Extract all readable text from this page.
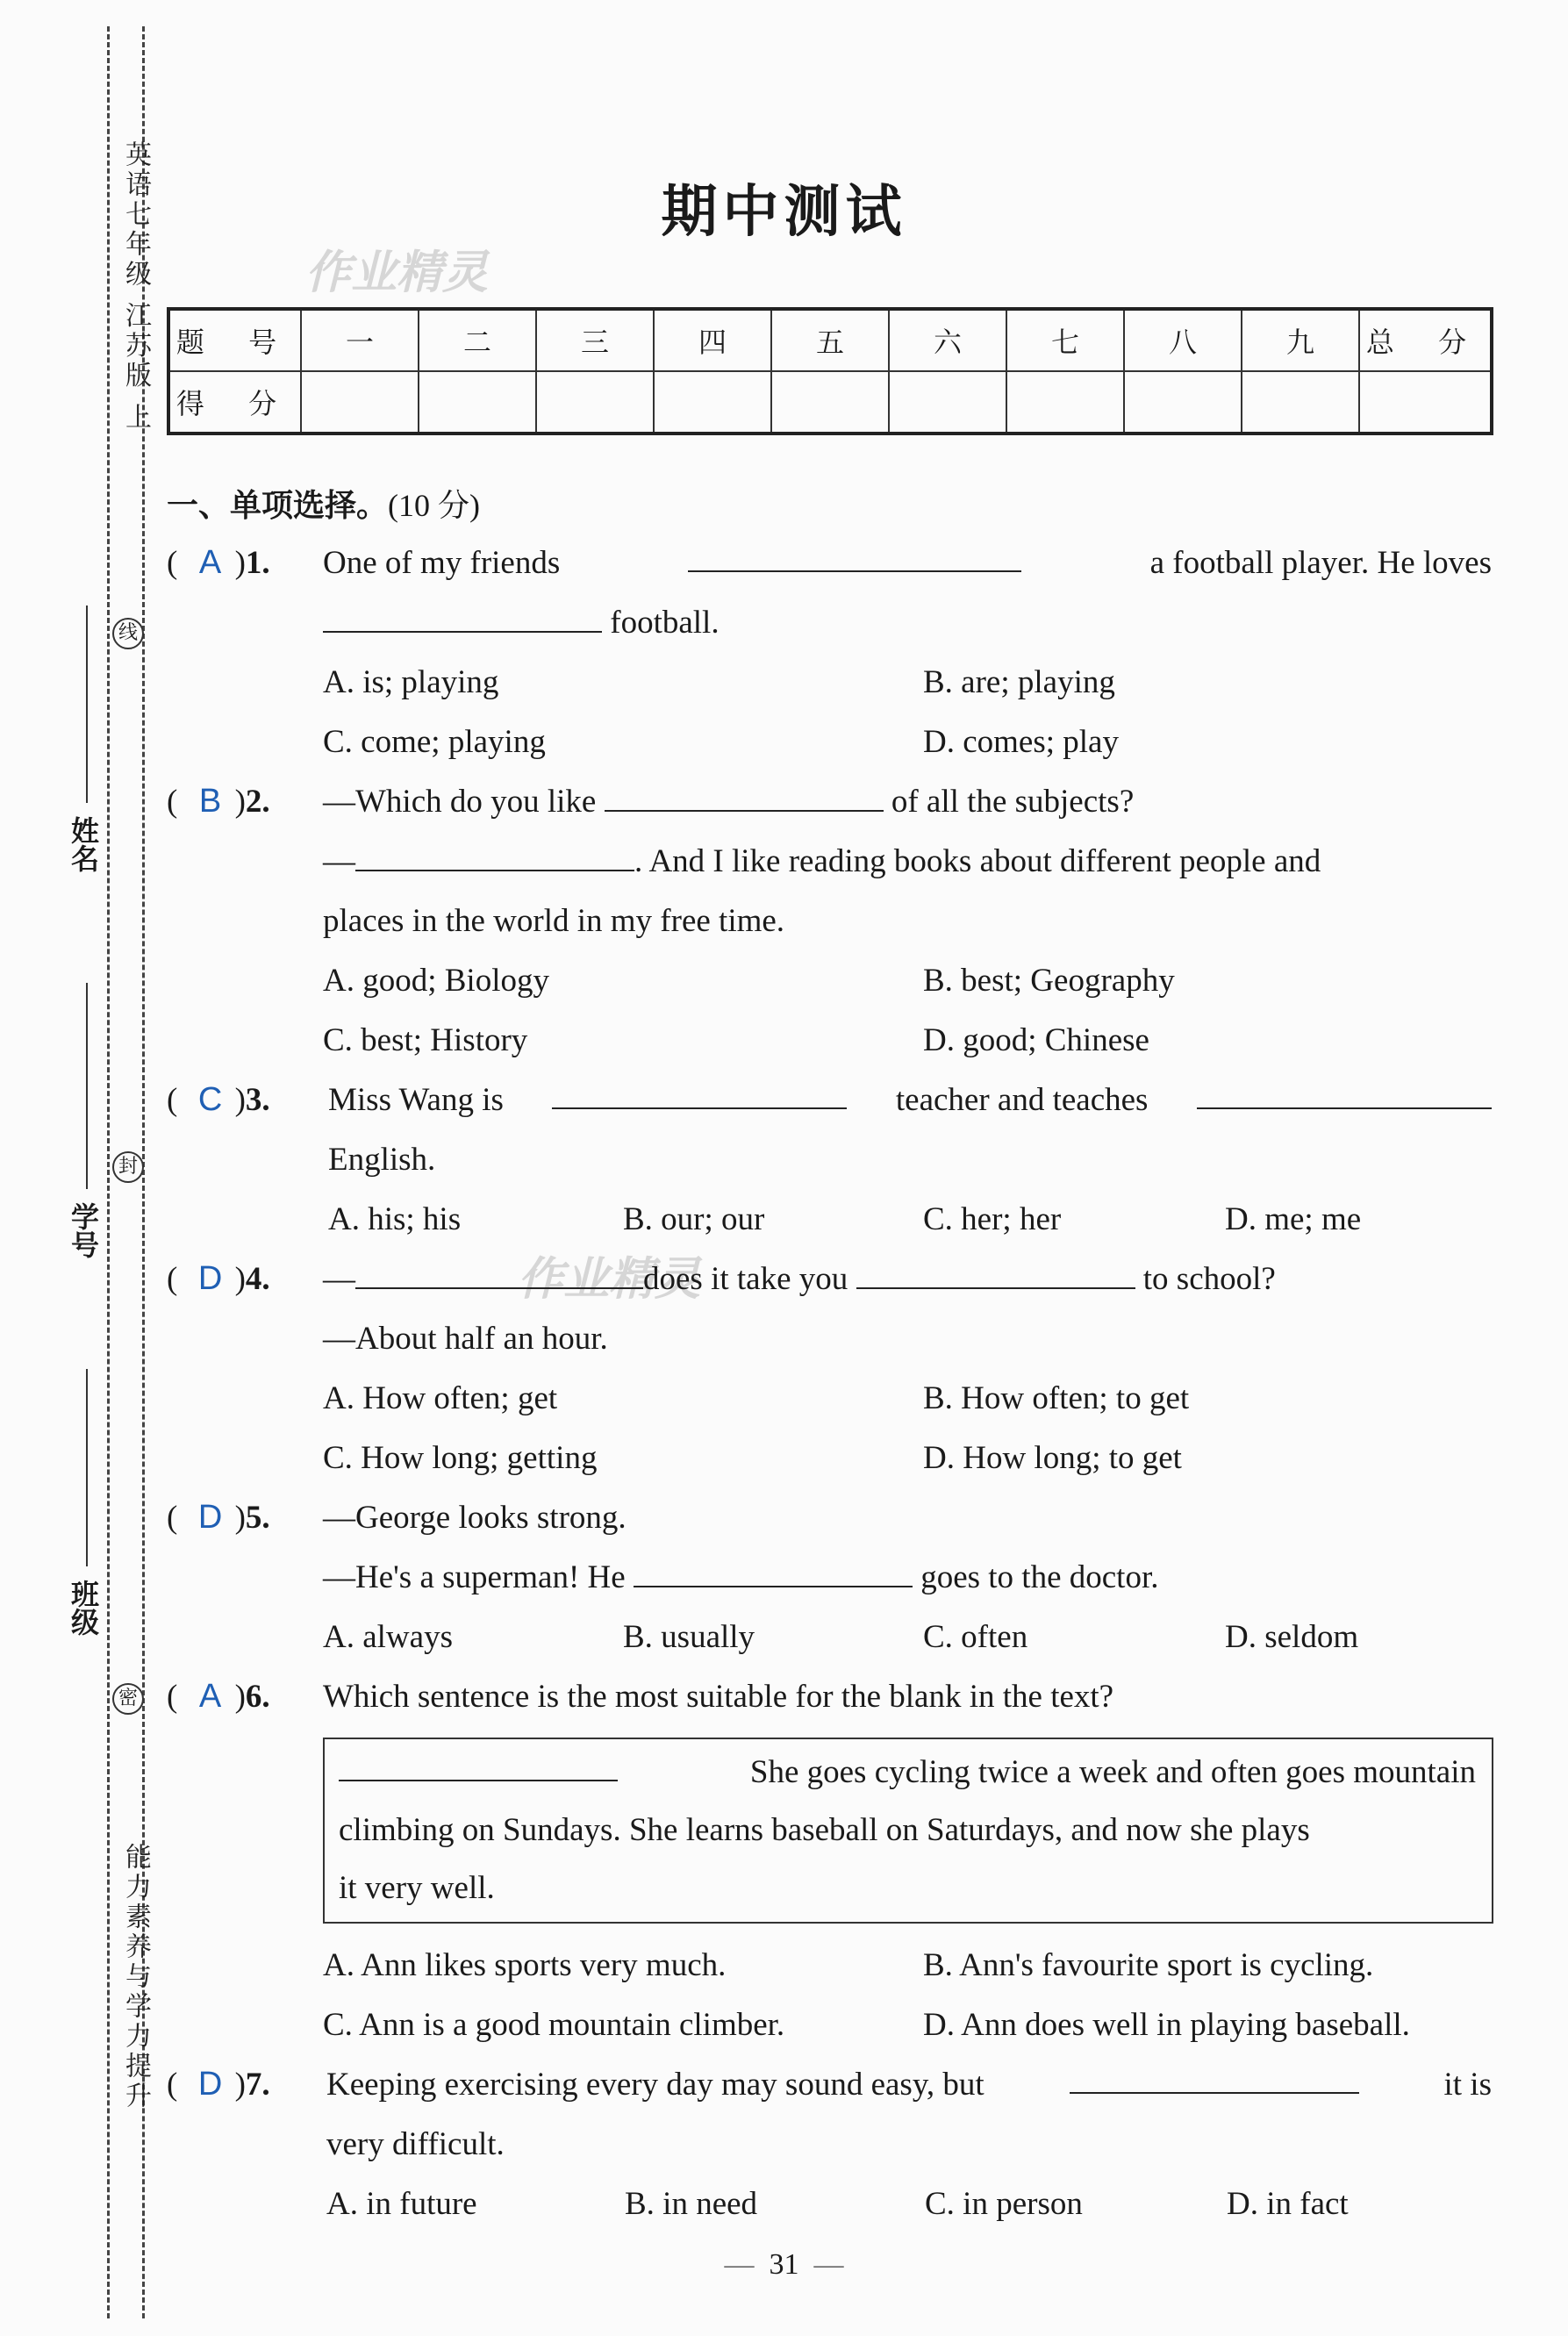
英语七年级 江苏版 上
能力素养与学力提升
线
封
密
姓名
学号
班级
期中测试
作业精灵
作业精灵
题 号	一	二	三	四	五	六	七	八	九	总 分
得 分										
一、单项选择。(10 分)
( A )1. One of my friends	a football player. He loves
football.
A. is; playing	B. are; playing
C. come; playing	D. comes; play
( B )2. —Which do you like	of all the subjects?
—	. And I like reading books about different people and
places in the world in my free time.
A. good; Biology	B. best; Geography
C. best; History	D. good; Chinese
( C )3. Miss Wang is	teacher and teaches
English.
A. his; his	B. our; our	C. her; her	D. me; me
( D )4. —	does it take you	to school?
—About half an hour.
A. How often; get	B. How often; to get
C. How long; getting	D. How long; to get
( D )5. —George looks strong.
—He's a superman! He	goes to the doctor.
A. always	B. usually	C. often	D. seldom
( A )6. Which sentence is the most suitable for the blank in the text?
She goes cycling twice a week and often goes mountain
climbing on Sundays. She learns baseball on Saturdays, and now she plays
it very well.
A. Ann likes sports very much.	B. Ann's favourite sport is cycling.
C. Ann is a good mountain climber.	D. Ann does well in playing baseball.
( D )7. Keeping exercising every day may sound easy, but	it is
very difficult.
A. in future	B. in need	C. in person	D. in fact
—  31  —
